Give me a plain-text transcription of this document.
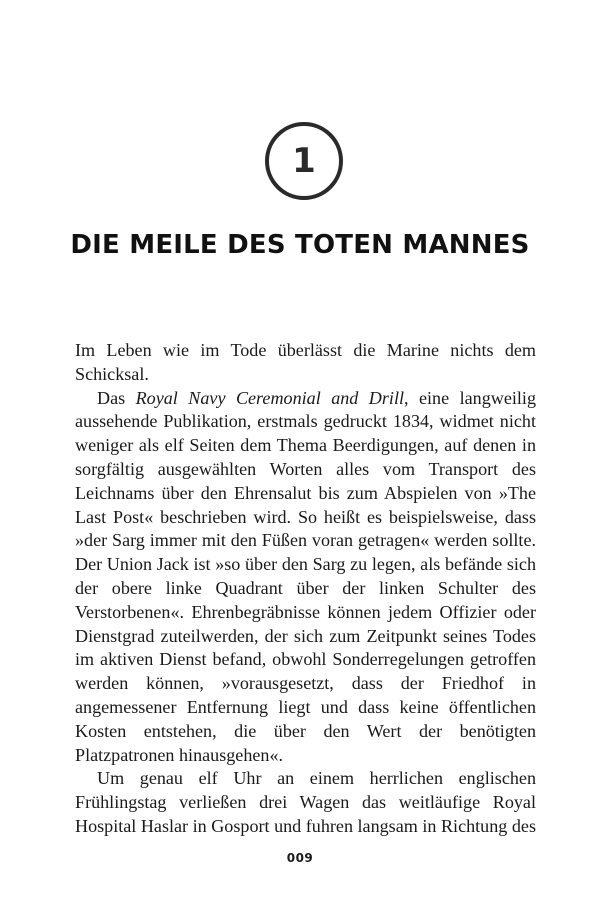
1
DIE MEILE DES TOTEN MANNES

Im Leben wie im Tode überlässt die Marine nichts dem Schicksal.

Das Royal Navy Ceremonial and Drill, eine langweilig aussehende Publikation, erstmals gedruckt 1834, widmet nicht weniger als elf Seiten dem Thema Beerdigungen, auf denen in sorgfältig ausgewählten Worten alles vom Transport des Leichnams über den Ehrensalut bis zum Abspielen von »The Last Post« beschrieben wird. So heißt es beispielsweise, dass »der Sarg immer mit den Füßen voran getragen« werden sollte. Der Union Jack ist »so über den Sarg zu legen, als befände sich der obere linke Quadrant über der linken Schulter des Verstorbenen«. Ehrenbegräbnisse können jedem Offizier oder Dienstgrad zuteilwerden, der sich zum Zeitpunkt seines Todes im aktiven Dienst befand, obwohl Sonderregelungen getroffen werden können, »vorausgesetzt, dass der Friedhof in angemessener Entfernung liegt und dass keine öffentlichen Kosten entstehen, die über den Wert der benötigten Platzpatronen hinausgehen«.

Um genau elf Uhr an einem herrlichen englischen Frühlingstag verließen drei Wagen das weitläufige Royal Hospital Haslar in Gosport und fuhren langsam in Richtung des

009
